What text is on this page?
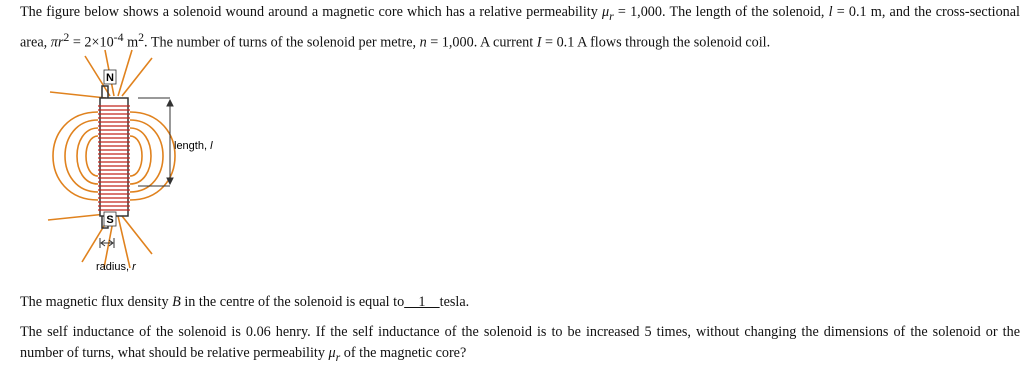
The figure below shows a solenoid wound around a magnetic core which has a relative permeability $\mu_r = 1,000$. The length of the solenoid, l = 0.1 m, and the cross-sectional area, $\pi r^2 = 2\times 10^{-4}$ $m^2$. The number of turns of the solenoid per metre, n = 1,000. A current I = 0.1 A flows through the solenoid coil.

N
S
length, l
radius, r

The magnetic flux density B in the centre of the solenoid is equal to    1    tesla.

The self inductance of the solenoid is 0.06 henry. If the self inductance of the solenoid is to be increased 5 times, without changing the dimensions of the solenoid or the number of turns, what should be relative permeability $\mu_r$ of the magnetic core?
